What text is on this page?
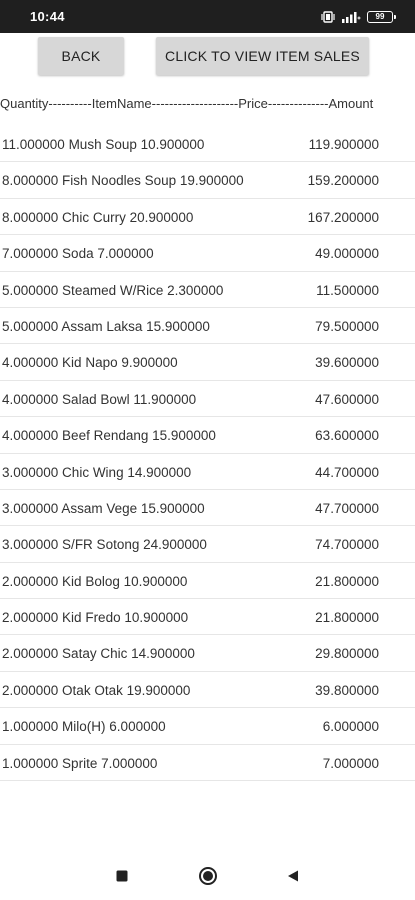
10:44	99
BACK	CLICK TO VIEW ITEM SALES
Quantity----------ItemName--------------------Price--------------Amount
11.000000 Mush Soup 10.900000	119.900000
8.000000 Fish Noodles Soup 19.900000	159.200000
8.000000 Chic Curry 20.900000	167.200000
7.000000 Soda 7.000000	49.000000
5.000000 Steamed W/Rice 2.300000	11.500000
5.000000 Assam Laksa 15.900000	79.500000
4.000000 Kid Napo 9.900000	39.600000
4.000000 Salad Bowl 11.900000	47.600000
4.000000 Beef Rendang 15.900000	63.600000
3.000000 Chic Wing 14.900000	44.700000
3.000000 Assam Vege 15.900000	47.700000
3.000000 S/FR Sotong 24.900000	74.700000
2.000000 Kid Bolog 10.900000	21.800000
2.000000 Kid Fredo 10.900000	21.800000
2.000000 Satay Chic 14.900000	29.800000
2.000000 Otak Otak 19.900000	39.800000
1.000000 Milo(H) 6.000000	6.000000
1.000000 Sprite 7.000000	7.000000
